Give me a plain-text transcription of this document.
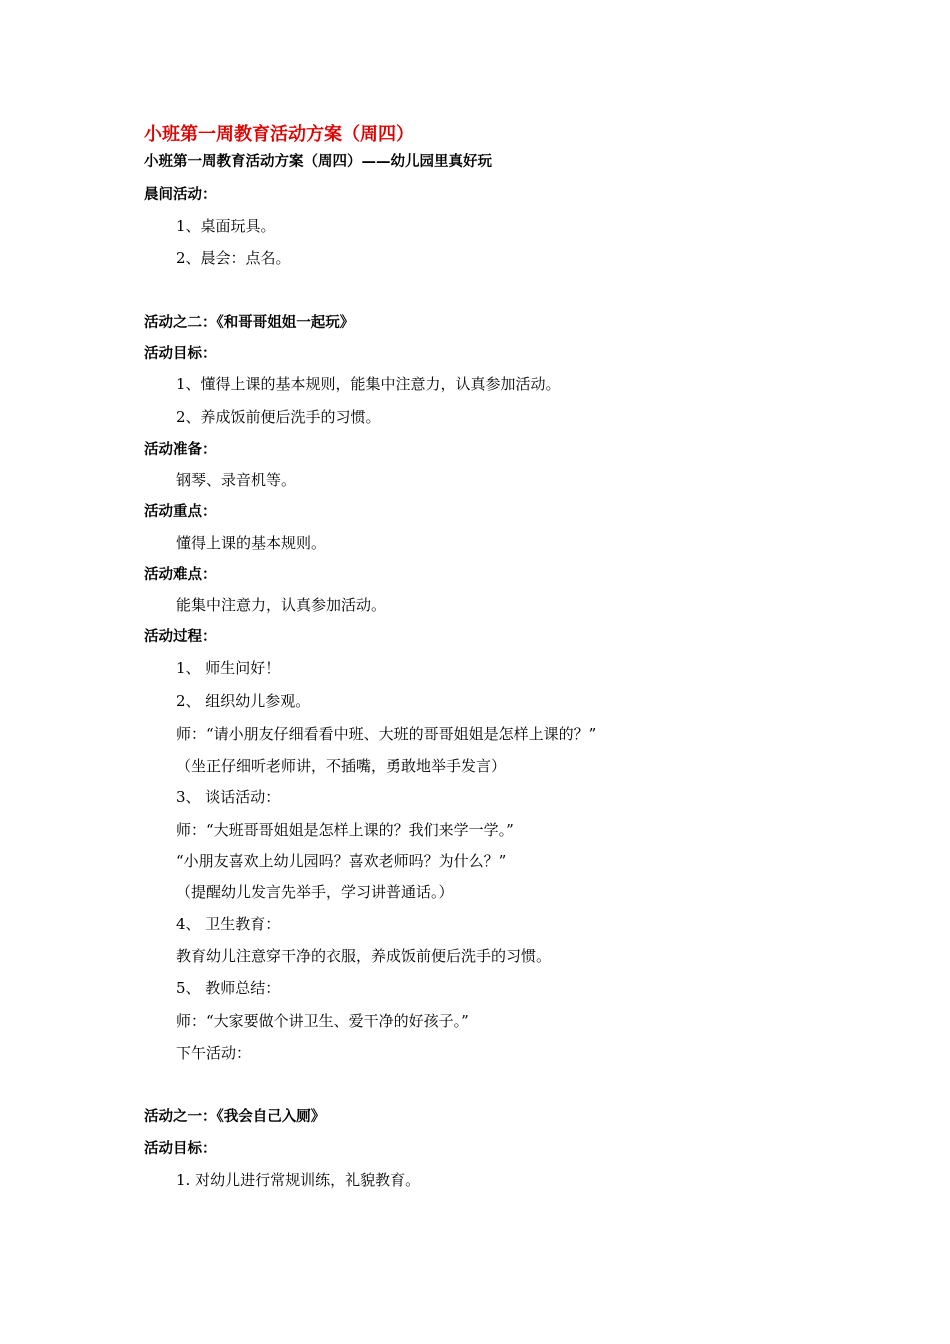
小班第一周教育活动方案（周四）
小班第一周教育活动方案（周四）——幼儿园里真好玩
晨间活动：
1、桌面玩具。
2、晨会：点名。
活动之二：《和哥哥姐姐一起玩》
活动目标：
1、懂得上课的基本规则，能集中注意力，认真参加活动。
2、养成饭前便后洗手的习惯。
活动准备：
钢琴、录音机等。
活动重点：
懂得上课的基本规则。
活动难点：
能集中注意力，认真参加活动。
活动过程：
1、 师生问好！
2、 组织幼儿参观。
师：“请小朋友仔细看看中班、大班的哥哥姐姐是怎样上课的？”
（坐正仔细听老师讲，不插嘴，勇敢地举手发言）
3、 谈话活动：
师：“大班哥哥姐姐是怎样上课的？我们来学一学。”
“小朋友喜欢上幼儿园吗？喜欢老师吗？为什么？”
（提醒幼儿发言先举手，学习讲普通话。）
4、 卫生教育：
教育幼儿注意穿干净的衣服，养成饭前便后洗手的习惯。
5、 教师总结：
师：“大家要做个讲卫生、爱干净的好孩子。”
下午活动：
活动之一：《我会自己入厕》
活动目标：
1. 对幼儿进行常规训练，礼貌教育。
